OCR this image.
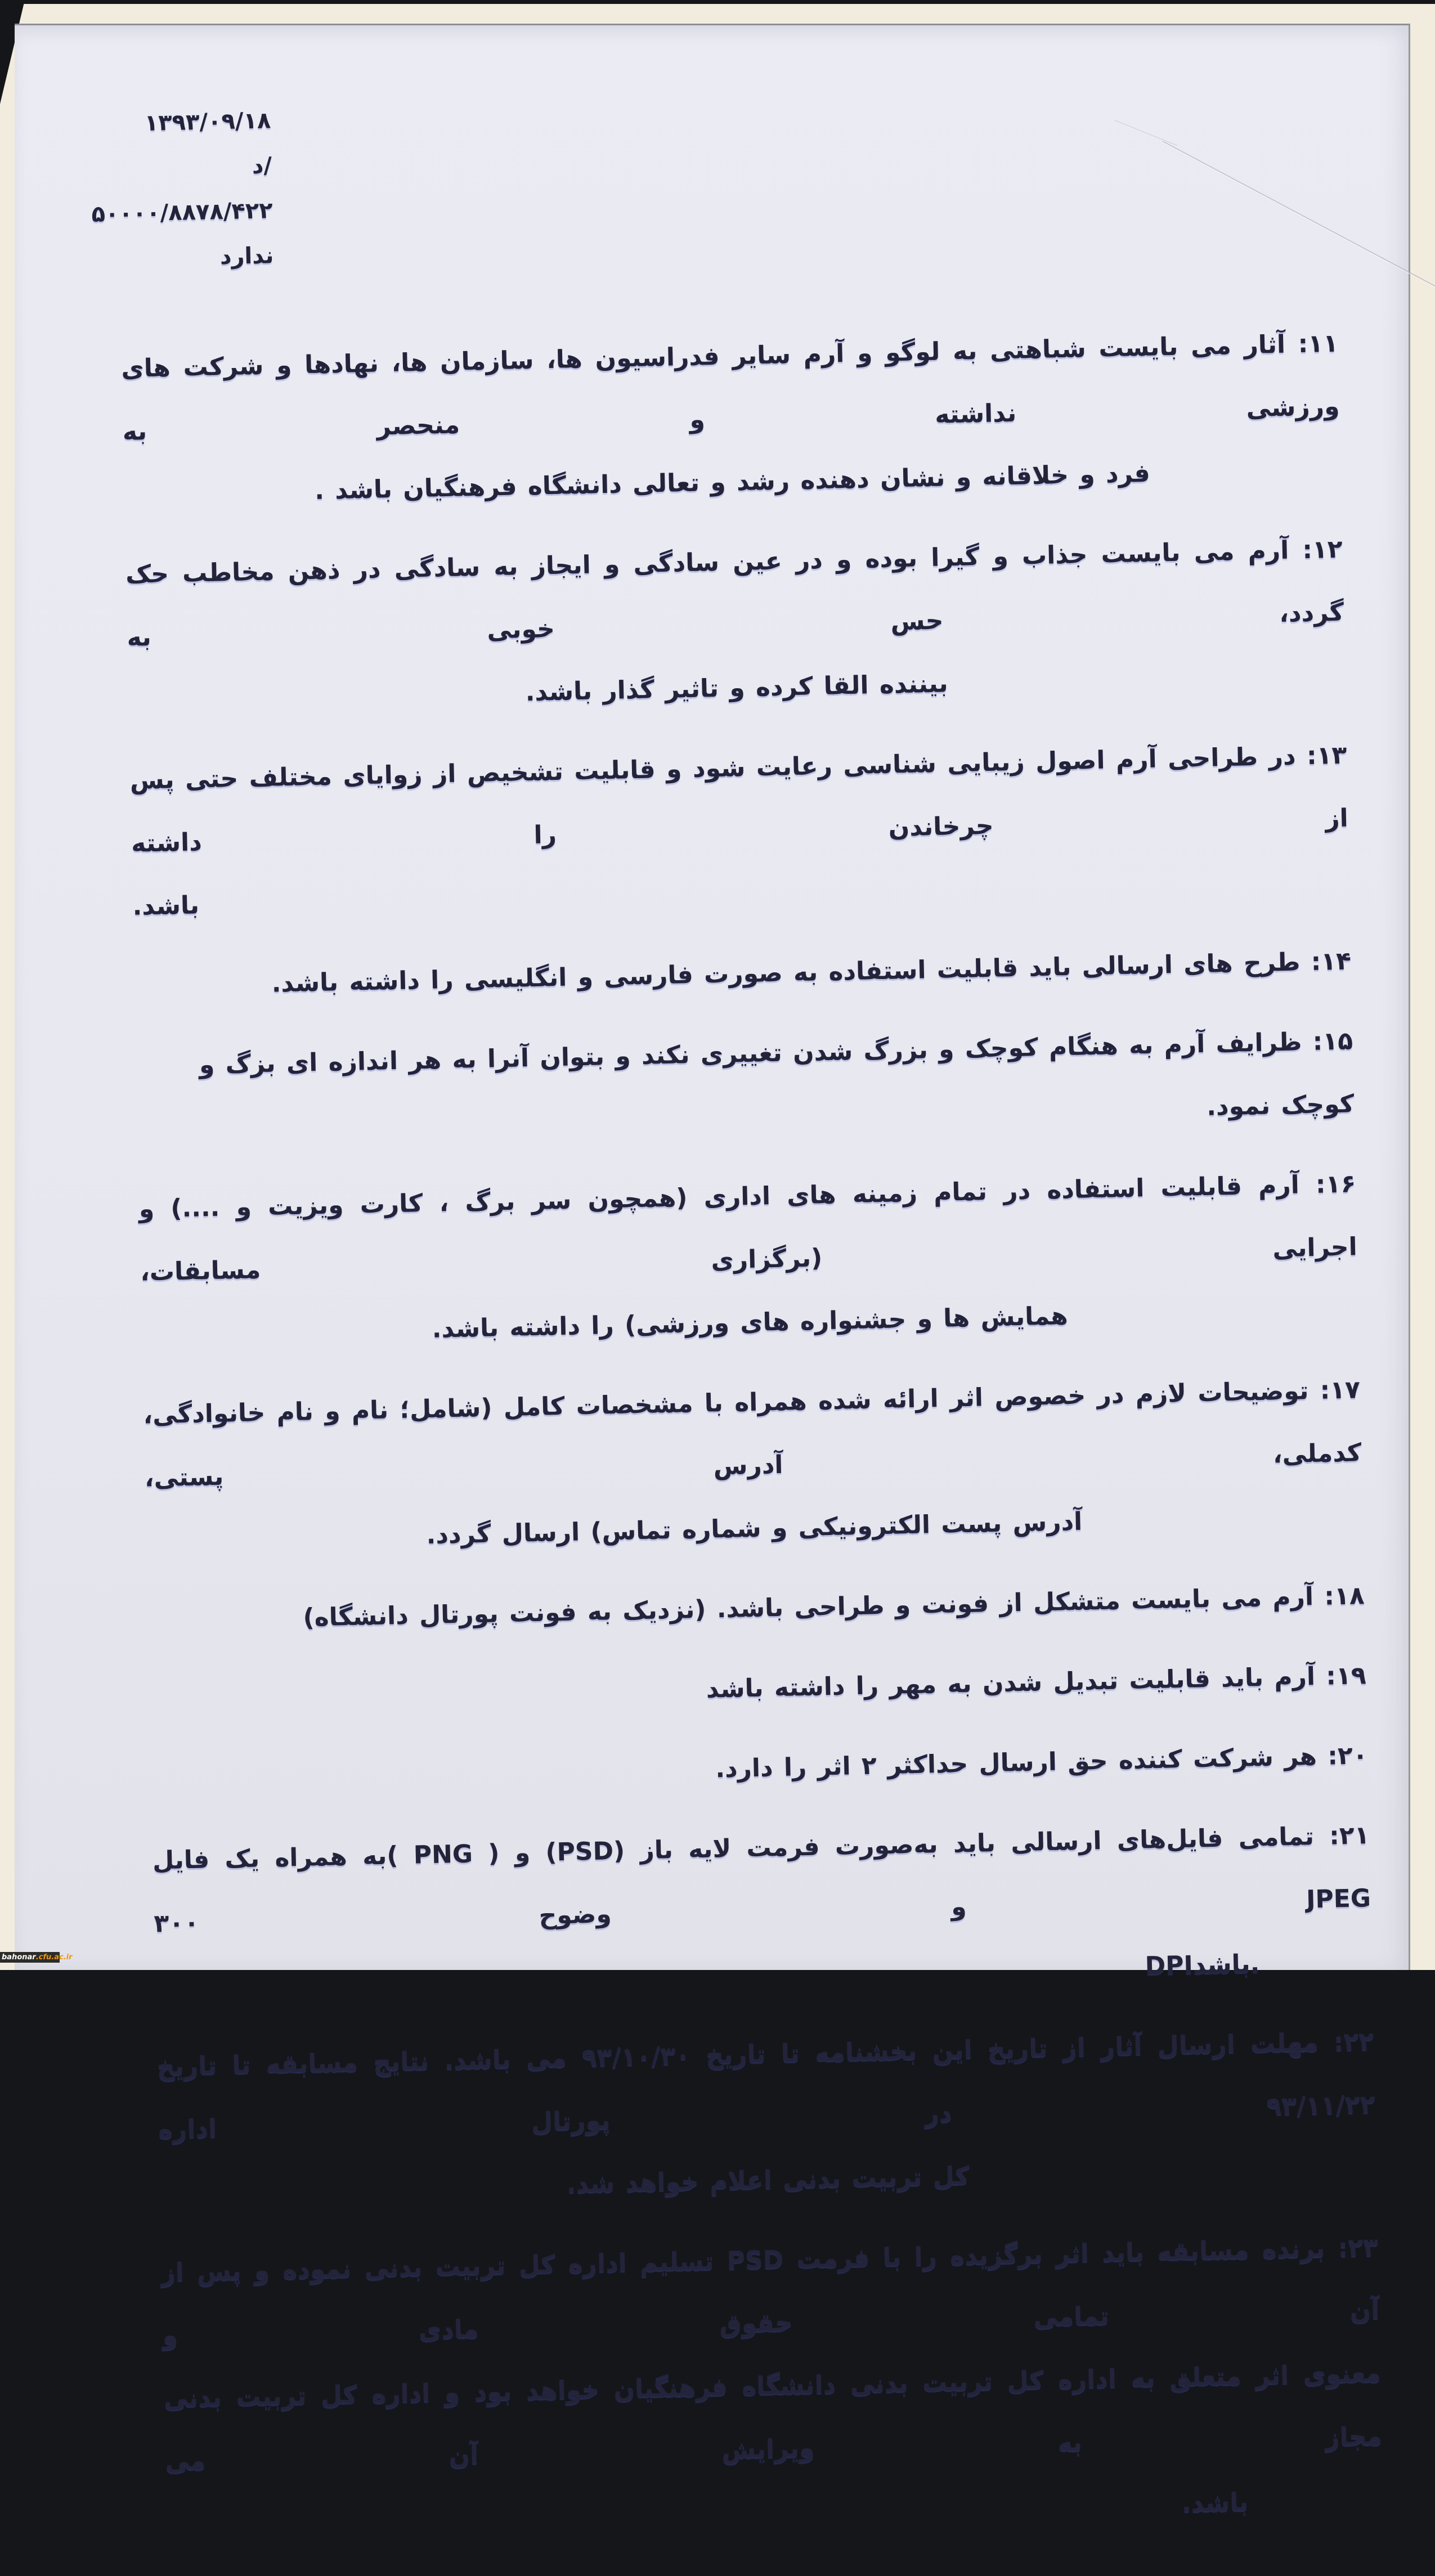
۱۳۹۳/۰۹/۱۸
د/۵۰۰۰۰/۸۸۷۸/۴۲۲
ندارد

۱۱: آثار می بایست شباهتی به لوگو و آرم سایر فدراسیون ها، سازمان ها، نهادها و شرکت های ورزشی نداشته و منحصر به
فرد و خلاقانه و نشان دهنده رشد و تعالی دانشگاه فرهنگیان باشد .

۱۲: آرم می بایست جذاب و گیرا بوده و در عین سادگی و ایجاز به سادگی در ذهن مخاطب حک گردد، حس خوبی به
بیننده القا کرده و تاثیر گذار باشد.

۱۳: در طراحی آرم اصول زیبایی شناسی رعایت شود و قابلیت تشخیص از زوایای مختلف حتی پس از چرخاندن را داشته
باشد.

۱۴: طرح های ارسالی باید قابلیت استفاده به صورت فارسی و انگلیسی را داشته باشد.

۱۵: ظرایف آرم به هنگام کوچک و بزرگ شدن تغییری نکند و بتوان آنرا به هر اندازه ای بزگ و کوچک نمود.

۱۶: آرم قابلیت استفاده در تمام زمینه های اداری (همچون سر برگ ، کارت ویزیت و ....) و اجرایی (برگزاری مسابقات،
همایش ها و جشنواره های ورزشی) را داشته باشد.

۱۷: توضیحات لازم در خصوص اثر ارائه شده همراه با مشخصات کامل (شامل؛ نام و نام خانوادگی، کدملی، آدرس پستی،
آدرس پست الکترونیکی و شماره تماس) ارسال گردد.

۱۸: آرم می بایست متشکل از فونت و طراحی باشد. (نزدیک به فونت پورتال دانشگاه)

۱۹: آرم باید قابلیت تبدیل شدن به مهر را داشته باشد

۲۰: هر شرکت کننده حق ارسال حداکثر ۲ اثر را دارد.

۲۱: تمامی فایل‌های ارسالی باید به‌صورت فرمت لایه باز (PSD) و ( PNG )به همراه یک فایل JPEG و وضوح ۳۰۰
DPIباشد.

۲۲: مهلت ارسال آثار از تاریخ این بخشنامه تا تاریخ ۹۳/۱۰/۳۰ می باشد. نتایج مسابقه تا تاریخ ۹۳/۱۱/۲۲ در پورتال اداره
کل تربیت بدنی اعلام خواهد شد.

۲۳: برنده مسابقه باید اثر برگزیده را با فرمت PSD تسلیم اداره کل تربیت بدنی نموده و پس از آن تمامی حقوق مادی و
معنوی اثر متعلق به اداره کل تربیت بدنی دانشگاه فرهنگیان خواهد بود و اداره کل تربیت بدنی مجاز به ویرایش آن می
باشد.

bahonar .cfu.ac.ir
